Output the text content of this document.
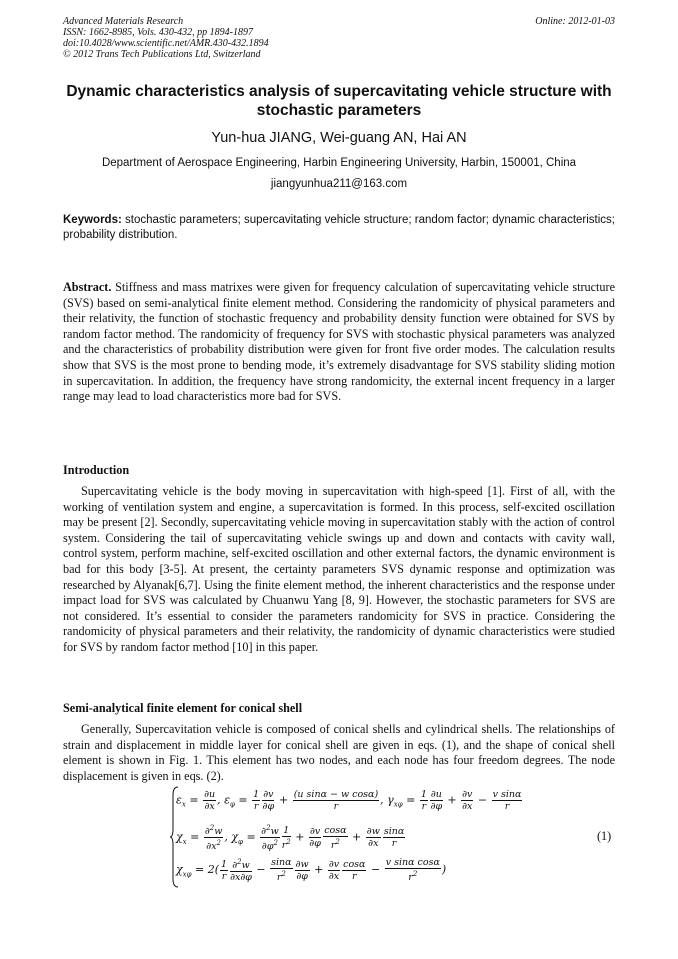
Advanced Materials Research
ISSN: 1662-8985, Vols. 430-432, pp 1894-1897
doi:10.4028/www.scientific.net/AMR.430-432.1894
© 2012 Trans Tech Publications Ltd, Switzerland
Online: 2012-01-03
Dynamic characteristics analysis of supercavitating vehicle structure with stochastic parameters
Yun-hua JIANG, Wei-guang AN, Hai AN
Department of Aerospace Engineering, Harbin Engineering University, Harbin, 150001, China
jiangyunhua211@163.com
Keywords: stochastic parameters; supercavitating vehicle structure; random factor; dynamic characteristics; probability distribution.

Abstract. Stiffness and mass matrixes were given for frequency calculation of supercavitating vehicle structure (SVS) based on semi-analytical finite element method. Considering the randomicity of physical parameters and their relativity, the function of stochastic frequency and probability density function were obtained for SVS by random factor method. The randomicity of frequency for SVS with stochastic physical parameters was analyzed and the characteristics of probability distribution were given for front five order modes. The calculation results show that SVS is the most prone to bending mode, it’s extremely disadvantage for SVS stability sliding motion in supercavitation. In addition, the frequency have strong randomicity, the external incent frequency in a larger range may lead to load characteristics more bad for SVS.

Introduction

Supercavitating vehicle is the body moving in supercavitation with high-speed [1]. First of all, with the working of ventilation system and engine, a supercavitation is formed. In this process, self-excited oscillation may be present [2]. Secondly, supercavitating vehicle moving in supercavitation stably with the action of control system. Considering the tail of supercavitating vehicle swings up and down and contacts with cavity wall, control system, perform machine, self-excited oscillation and other external factors, the dynamic environment is bad for this body [3-5]. At present, the certainty parameters SVS dynamic response and optimization was researched by Alyanak[6,7]. Using the finite element method, the inherent characteristics and the response under impact load for SVS was calculated by Chuanwu Yang [8, 9]. However, the stochastic parameters for SVS are not considered. It’s essential to consider the parameters randomicity for SVS in practice. Considering the randomicity of physical parameters and their relativity, the randomicity of dynamic characteristics were studied for SVS by random factor method [10] in this paper.

Semi-analytical finite element for conical shell

Generally, Supercavitation vehicle is composed of conical shells and cylindrical shells. The relationships of strain and displacement in middle layer for conical shell are given in eqs. (1), and the shape of conical shell element is shown in Fig. 1. This element has two nodes, and each node has four freedom degrees. The node displacement is given in eqs. (2).

$\varepsilon_x = \frac{\partial u}{\partial x}$ , $\varepsilon_\varphi = \frac{1}{r} \frac{\partial v}{\partial\varphi} + \frac{\text{(u sinα − w cosα)}}{r}$ , $\gamma_{x\varphi} = \frac{1}{r} \frac{\partial u}{\partial\varphi} + \frac{\partial v}{\partial x} - \frac{\text{v sinα}}{r}$
$\chi_x = \frac{\partial^2w}{\partial x^2}$ , $\chi_\varphi = \frac{\partial^2w}{\partial\varphi^2} \frac{1}{r^2} + \frac{\partial v}{\partial\varphi} \frac{\cos\alpha}{r^2} + \frac{\partial w}{\partial x} \frac{\sin\alpha}{r}$
$\chi_{x\varphi} = 2( \frac{1}{r} \frac{\partial^2w}{\partial x\partial\varphi} - \frac{\sin\alpha}{r^2} \frac{\partial w}{\partial\varphi} + \frac{\partial v}{\partial x} \frac{\cos\alpha}{r} - \frac{\text{v sinα cosα}}{r^2}$ )
(1)
